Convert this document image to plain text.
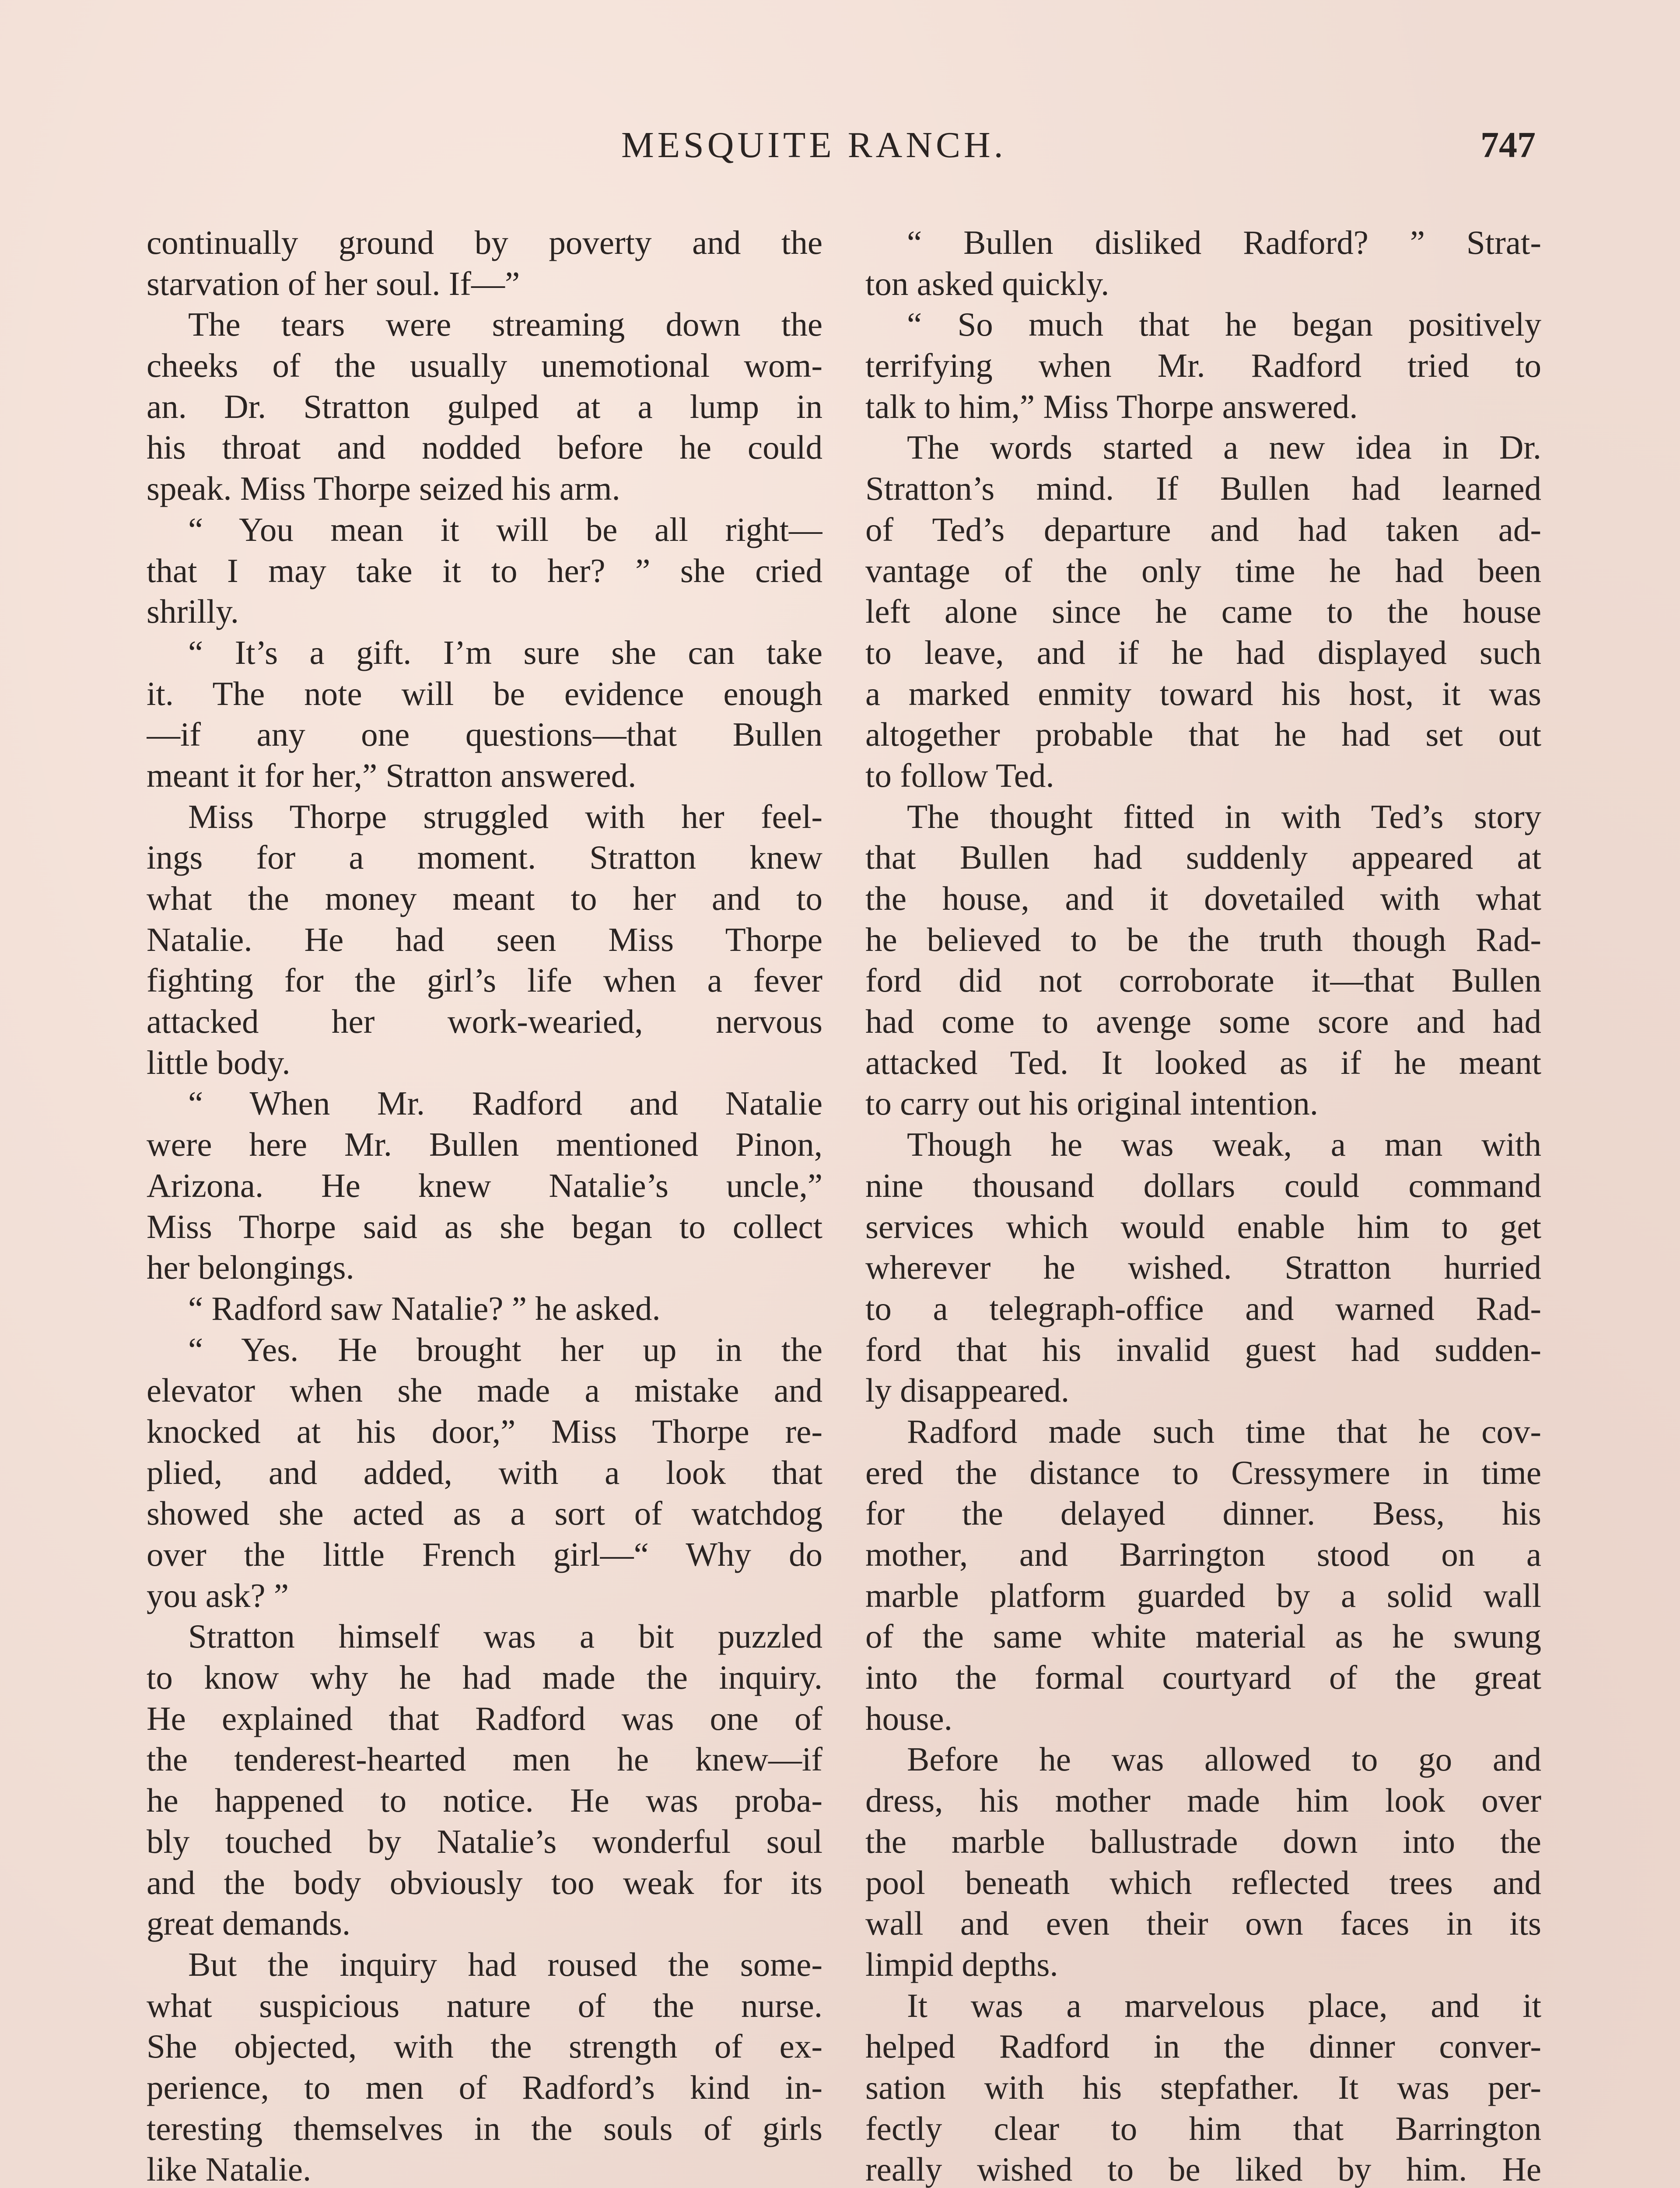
MESQUITE RANCH.	747
continually ground by poverty and the
starvation of her soul. If—”
The tears were streaming down the
cheeks of the usually unemotional wom-
an. Dr. Stratton gulped at a lump in
his throat and nodded before he could
speak. Miss Thorpe seized his arm.
“ You mean it will be all right—
that I may take it to her? ” she cried
shrilly.
“ It’s a gift. I’m sure she can take
it. The note will be evidence enough
—if any one questions—that Bullen
meant it for her,” Stratton answered.
Miss Thorpe struggled with her feel-
ings for a moment. Stratton knew
what the money meant to her and to
Natalie. He had seen Miss Thorpe
fighting for the girl’s life when a fever
attacked her work-wearied, nervous
little body.
“ When Mr. Radford and Natalie
were here Mr. Bullen mentioned Pinon,
Arizona. He knew Natalie’s uncle,”
Miss Thorpe said as she began to collect
her belongings.
“ Radford saw Natalie? ” he asked.
“ Yes. He brought her up in the
elevator when she made a mistake and
knocked at his door,” Miss Thorpe re-
plied, and added, with a look that
showed she acted as a sort of watchdog
over the little French girl—“ Why do
you ask? ”
Stratton himself was a bit puzzled
to know why he had made the inquiry.
He explained that Radford was one of
the tenderest-hearted men he knew—if
he happened to notice. He was proba-
bly touched by Natalie’s wonderful soul
and the body obviously too weak for its
great demands.
But the inquiry had roused the some-
what suspicious nature of the nurse.
She objected, with the strength of ex-
perience, to men of Radford’s kind in-
teresting themselves in the souls of girls
like Natalie.
“ Bullen disliked Radford? ” Strat-
ton asked quickly.
“ So much that he began positively
terrifying when Mr. Radford tried to
talk to him,” Miss Thorpe answered.
The words started a new idea in Dr.
Stratton’s mind. If Bullen had learned
of Ted’s departure and had taken ad-
vantage of the only time he had been
left alone since he came to the house
to leave, and if he had displayed such
a marked enmity toward his host, it was
altogether probable that he had set out
to follow Ted.
The thought fitted in with Ted’s story
that Bullen had suddenly appeared at
the house, and it dovetailed with what
he believed to be the truth though Rad-
ford did not corroborate it—that Bullen
had come to avenge some score and had
attacked Ted. It looked as if he meant
to carry out his original intention.
Though he was weak, a man with
nine thousand dollars could command
services which would enable him to get
wherever he wished. Stratton hurried
to a telegraph-office and warned Rad-
ford that his invalid guest had sudden-
ly disappeared.
Radford made such time that he cov-
ered the distance to Cressymere in time
for the delayed dinner. Bess, his
mother, and Barrington stood on a
marble platform guarded by a solid wall
of the same white material as he swung
into the formal courtyard of the great
house.
Before he was allowed to go and
dress, his mother made him look over
the marble ballustrade down into the
pool beneath which reflected trees and
wall and even their own faces in its
limpid depths.
It was a marvelous place, and it
helped Radford in the dinner conver-
sation with his stepfather. It was per-
fectly clear to him that Barrington
really wished to be liked by him. He
